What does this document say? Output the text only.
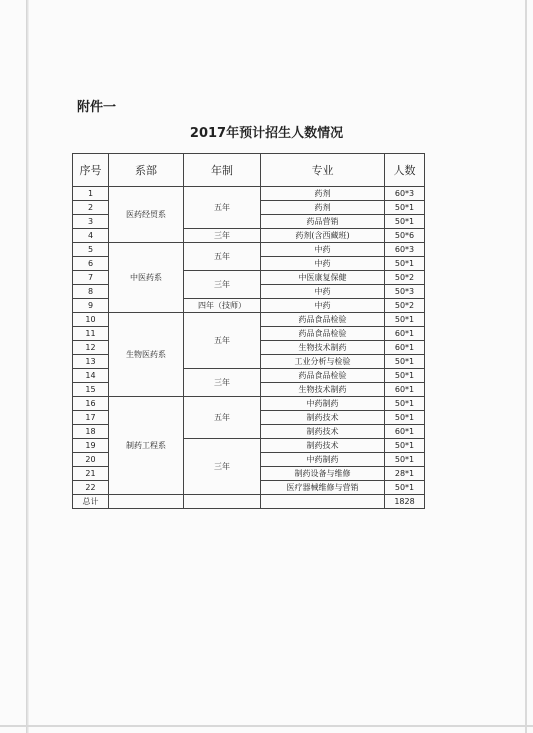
附件一
2017年预计招生人数情况
序号	系部	年制	专业	人数
1	医药经贸系	五年	药剂	60*3
2			药剂	50*1
3			药品营销	50*1
4		三年	药剂(含西藏班)	50*6
5	中医药系	五年	中药	60*3
6			中药	50*1
7		三年	中医康复保健	50*2
8			中药	50*3
9		四年（技师）	中药	50*2
10	生物医药系	五年	药品食品检验	50*1
11			药品食品检验	60*1
12			生物技术制药	60*1
13			工业分析与检验	50*1
14		三年	药品食品检验	50*1
15			生物技术制药	60*1
16	制药工程系	五年	中药制药	50*1
17			制药技术	50*1
18			制药技术	60*1
19		三年	制药技术	50*1
20			中药制药	50*1
21			制药设备与维修	28*1
22			医疗器械维修与营销	50*1
总计				1828
